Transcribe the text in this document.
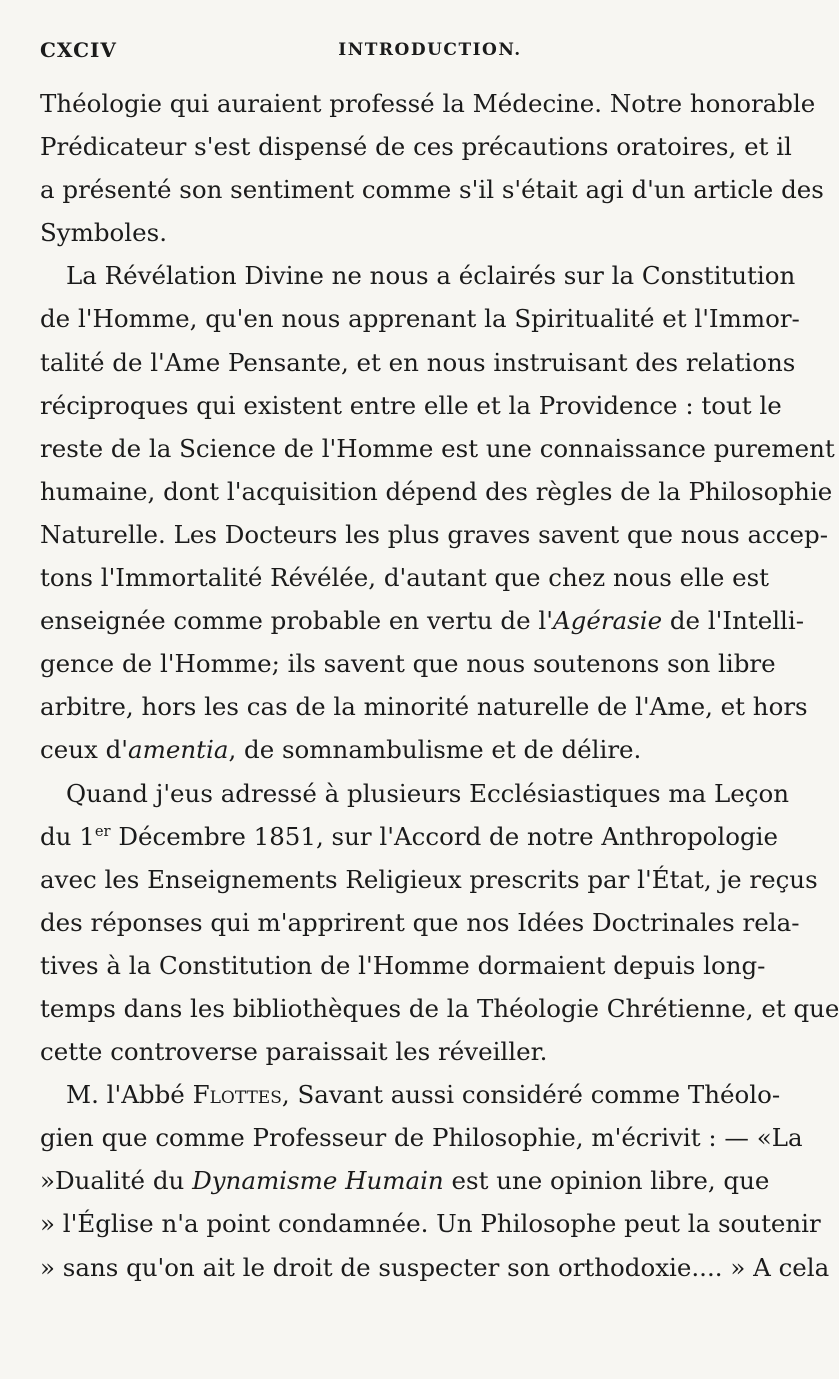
CXCIV	INTRODUCTION.
Théologie qui auraient professé la Médecine. Notre honorable
Prédicateur s'est dispensé de ces précautions oratoires, et il
a présenté son sentiment comme s'il s'était agi d'un article des
Symboles.
La Révélation Divine ne nous a éclairés sur la Constitution
de l'Homme, qu'en nous apprenant la Spiritualité et l'Immor-
talité de l'Ame Pensante, et en nous instruisant des relations
réciproques qui existent entre elle et la Providence : tout le
reste de la Science de l'Homme est une connaissance purement
humaine, dont l'acquisition dépend des règles de la Philosophie
Naturelle. Les Docteurs les plus graves savent que nous accep-
tons l'Immortalité Révélée, d'autant que chez nous elle est
enseignée comme probable en vertu de l'Agérasie de l'Intelli-
gence de l'Homme; ils savent que nous soutenons son libre
arbitre, hors les cas de la minorité naturelle de l'Ame, et hors
ceux d'amentia, de somnambulisme et de délire.
Quand j'eus adressé à plusieurs Ecclésiastiques ma Leçon
du 1er Décembre 1851, sur l'Accord de notre Anthropologie
avec les Enseignements Religieux prescrits par l'État, je reçus
des réponses qui m'apprirent que nos Idées Doctrinales rela-
tives à la Constitution de l'Homme dormaient depuis long-
temps dans les bibliothèques de la Théologie Chrétienne, et que
cette controverse paraissait les réveiller.
M. l'Abbé Flottes, Savant aussi considéré comme Théolo-
gien que comme Professeur de Philosophie, m'écrivit : — «La
»Dualité du Dynamisme Humain est une opinion libre, que
» l'Église n'a point condamnée. Un Philosophe peut la soutenir
» sans qu'on ait le droit de suspecter son orthodoxie.... » A cela
